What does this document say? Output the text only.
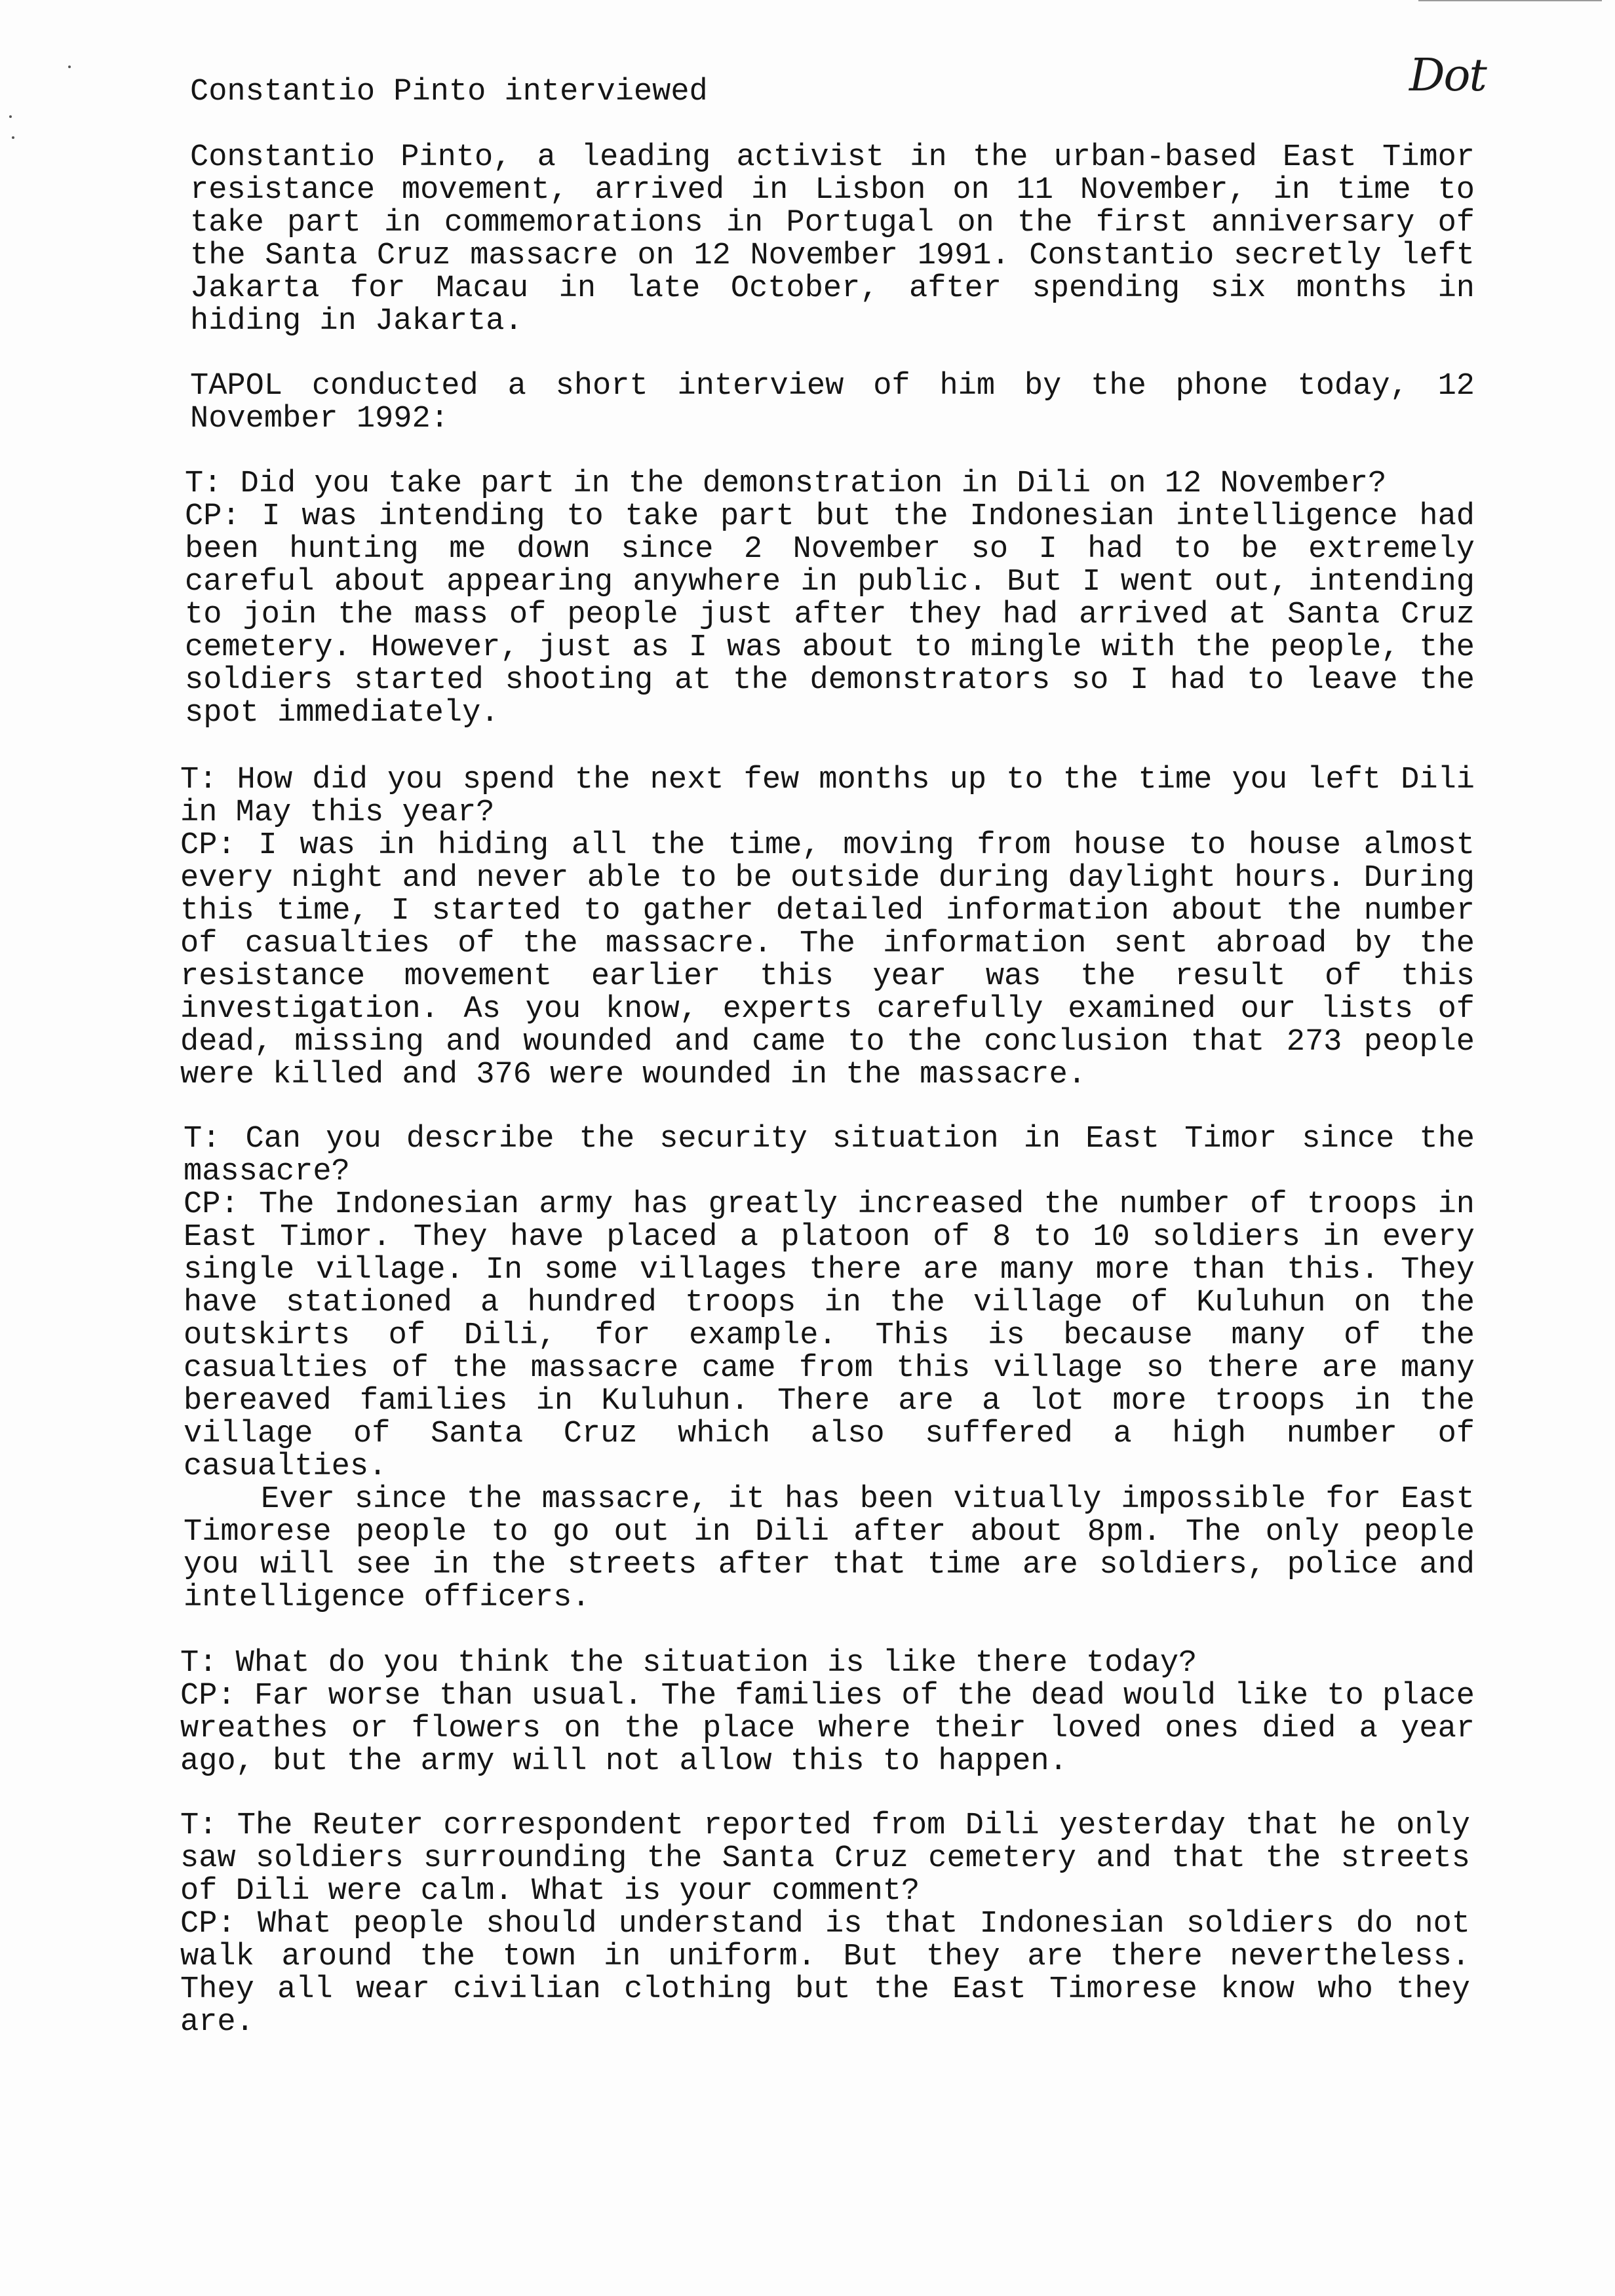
Dot
Constantio Pinto interviewed

Constantio Pinto, a leading activist in the urban-based East Timor resistance movement, arrived in Lisbon on 11 November, in time to take part in commemorations in Portugal on the first anniversary of the Santa Cruz massacre on 12 November 1991. Constantio secretly left Jakarta for Macau in late October, after spending six months in hiding in Jakarta.

TAPOL conducted a short interview of him by the phone today, 12 November 1992:

T: Did you take part in the demonstration in Dili on 12 November?

CP: I was intending to take part but the Indonesian intelligence had been hunting me down since 2 November so I had to be extremely careful about appearing anywhere in public. But I went out, intending to join the mass of people just after they had arrived at Santa Cruz cemetery. However, just as I was about to mingle with the people, the soldiers started shooting at the demonstrators so I had to leave the spot immediately.

T: How did you spend the next few months up to the time you left Dili in May this year?

CP: I was in hiding all the time, moving from house to house almost every night and never able to be outside during daylight hours. During this time, I started to gather detailed information about the number of casualties of the massacre. The information sent abroad by the resistance movement earlier this year was the result of this investigation. As you know, experts carefully examined our lists of dead, missing and wounded and came to the conclusion that 273 people were killed and 376 were wounded in the massacre.

T: Can you describe the security situation in East Timor since the massacre?

CP: The Indonesian army has greatly increased the number of troops in East Timor. They have placed a platoon of 8 to 10 soldiers in every single village. In some villages there are many more than this. They have stationed a hundred troops in the village of Kuluhun on the outskirts of Dili, for example. This is because many of the casualties of the massacre came from this village so there are many bereaved families in Kuluhun. There are a lot more troops in the village of Santa Cruz which also suffered a high number of casualties.

Ever since the massacre, it has been vitually impossible for East Timorese people to go out in Dili after about 8pm. The only people you will see in the streets after that time are soldiers, police and intelligence officers.

T: What do you think the situation is like there today?

CP: Far worse than usual. The families of the dead would like to place wreathes or flowers on the place where their loved ones died a year ago, but the army will not allow this to happen.

T: The Reuter correspondent reported from Dili yesterday that he only saw soldiers surrounding the Santa Cruz cemetery and that the streets of Dili were calm. What is your comment?

CP: What people should understand is that Indonesian soldiers do not walk around the town in uniform. But they are there nevertheless. They all wear civilian clothing but the East Timorese know who they are.
